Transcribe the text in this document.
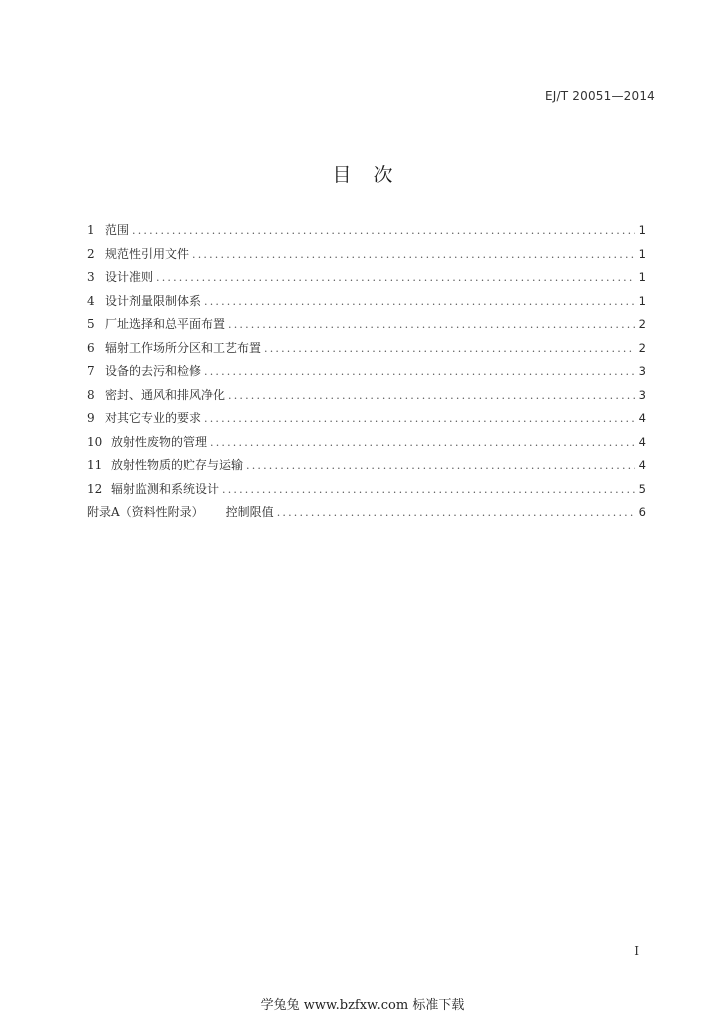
EJ/T 20051—2014
目次
1 范围 .....	1
2 规范性引用文件 .....	1
3 设计准则 .....	1
4 设计剂量限制体系 .....	1
5 厂址选择和总平面布置 .....	2
6 辐射工作场所分区和工艺布置 .....	2
7 设备的去污和检修 .....	3
8 密封、通风和排风净化 .....	3
9 对其它专业的要求 .....	4
10 放射性废物的管理 .....	4
11 放射性物质的贮存与运输 .....	4
12 辐射监测和系统设计 .....	5
附录A（资料性附录）	控制限值 .....	6
I
学兔兔 www.bzfxw.com 标准下载
